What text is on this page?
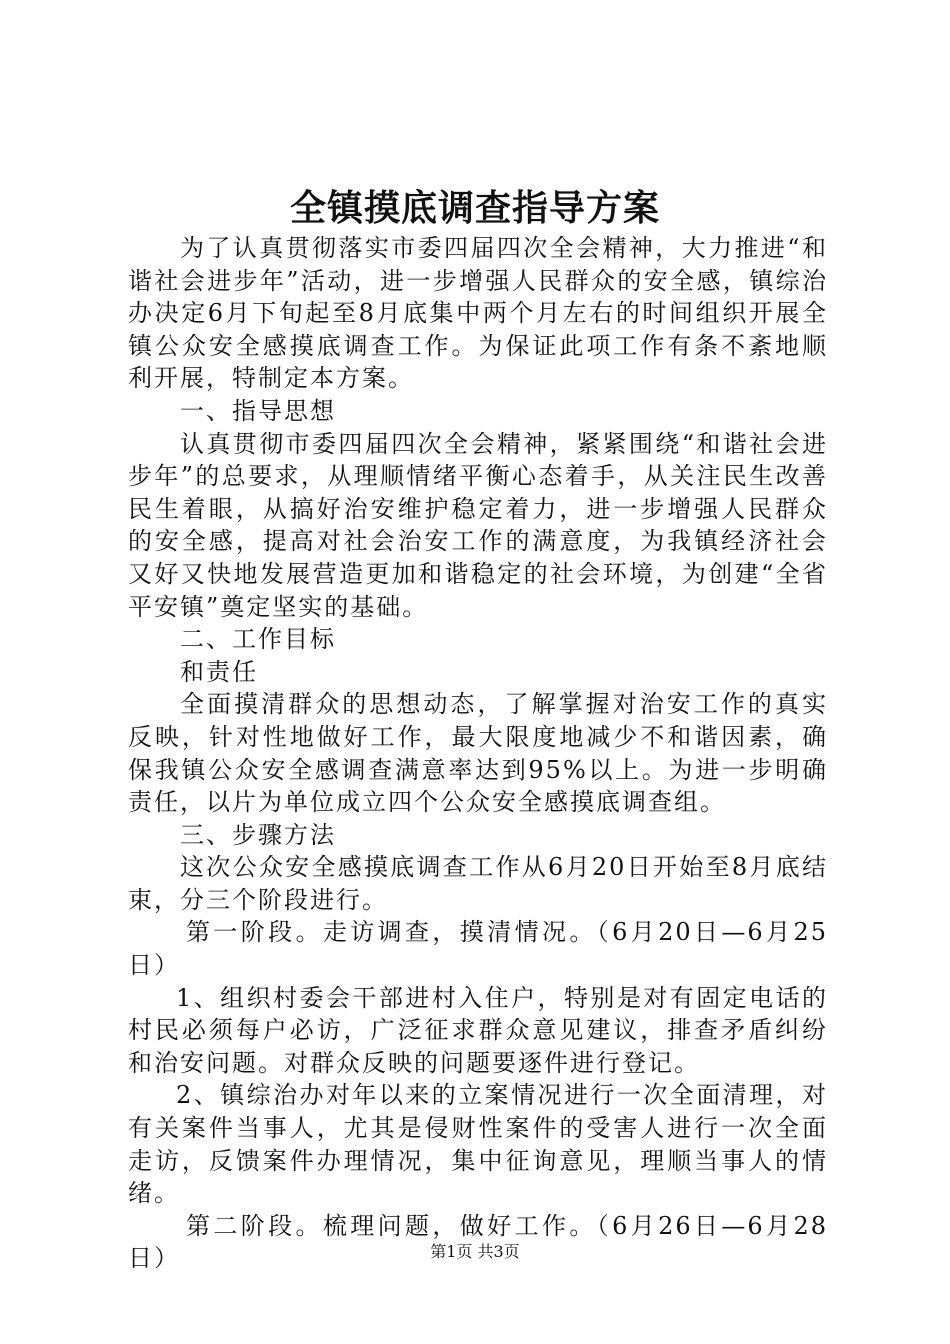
全镇摸底调查指导方案

为了认真贯彻落实市委四届四次全会精神，大力推进“和谐社会进步年”活动，进一步增强人民群众的安全感，镇综治办决定6月下旬起至8月底集中两个月左右的时间组织开展全镇公众安全感摸底调查工作。为保证此项工作有条不紊地顺利开展，特制定本方案。

一、指导思想

认真贯彻市委四届四次全会精神，紧紧围绕“和谐社会进步年”的总要求，从理顺情绪平衡心态着手，从关注民生改善民生着眼，从搞好治安维护稳定着力，进一步增强人民群众的安全感，提高对社会治安工作的满意度，为我镇经济社会又好又快地发展营造更加和谐稳定的社会环境，为创建“全省平安镇”奠定坚实的基础。

二、工作目标

和责任

全面摸清群众的思想动态，了解掌握对治安工作的真实反映，针对性地做好工作，最大限度地减少不和谐因素，确保我镇公众安全感调查满意率达到95%以上。为进一步明确责任，以片为单位成立四个公众安全感摸底调查组。

三、步骤方法

这次公众安全感摸底调查工作从6月20日开始至8月底结束，分三个阶段进行。

第一阶段。走访调查，摸清情况。（6月20日—6月25日）

1、组织村委会干部进村入住户，特别是对有固定电话的村民必须每户必访，广泛征求群众意见建议，排查矛盾纠纷和治安问题。对群众反映的问题要逐件进行登记。

2、镇综治办对年以来的立案情况进行一次全面清理，对有关案件当事人，尤其是侵财性案件的受害人进行一次全面走访，反馈案件办理情况，集中征询意见，理顺当事人的情绪。

第二阶段。梳理问题，做好工作。（6月26日—6月28日）	第1页 共3页
